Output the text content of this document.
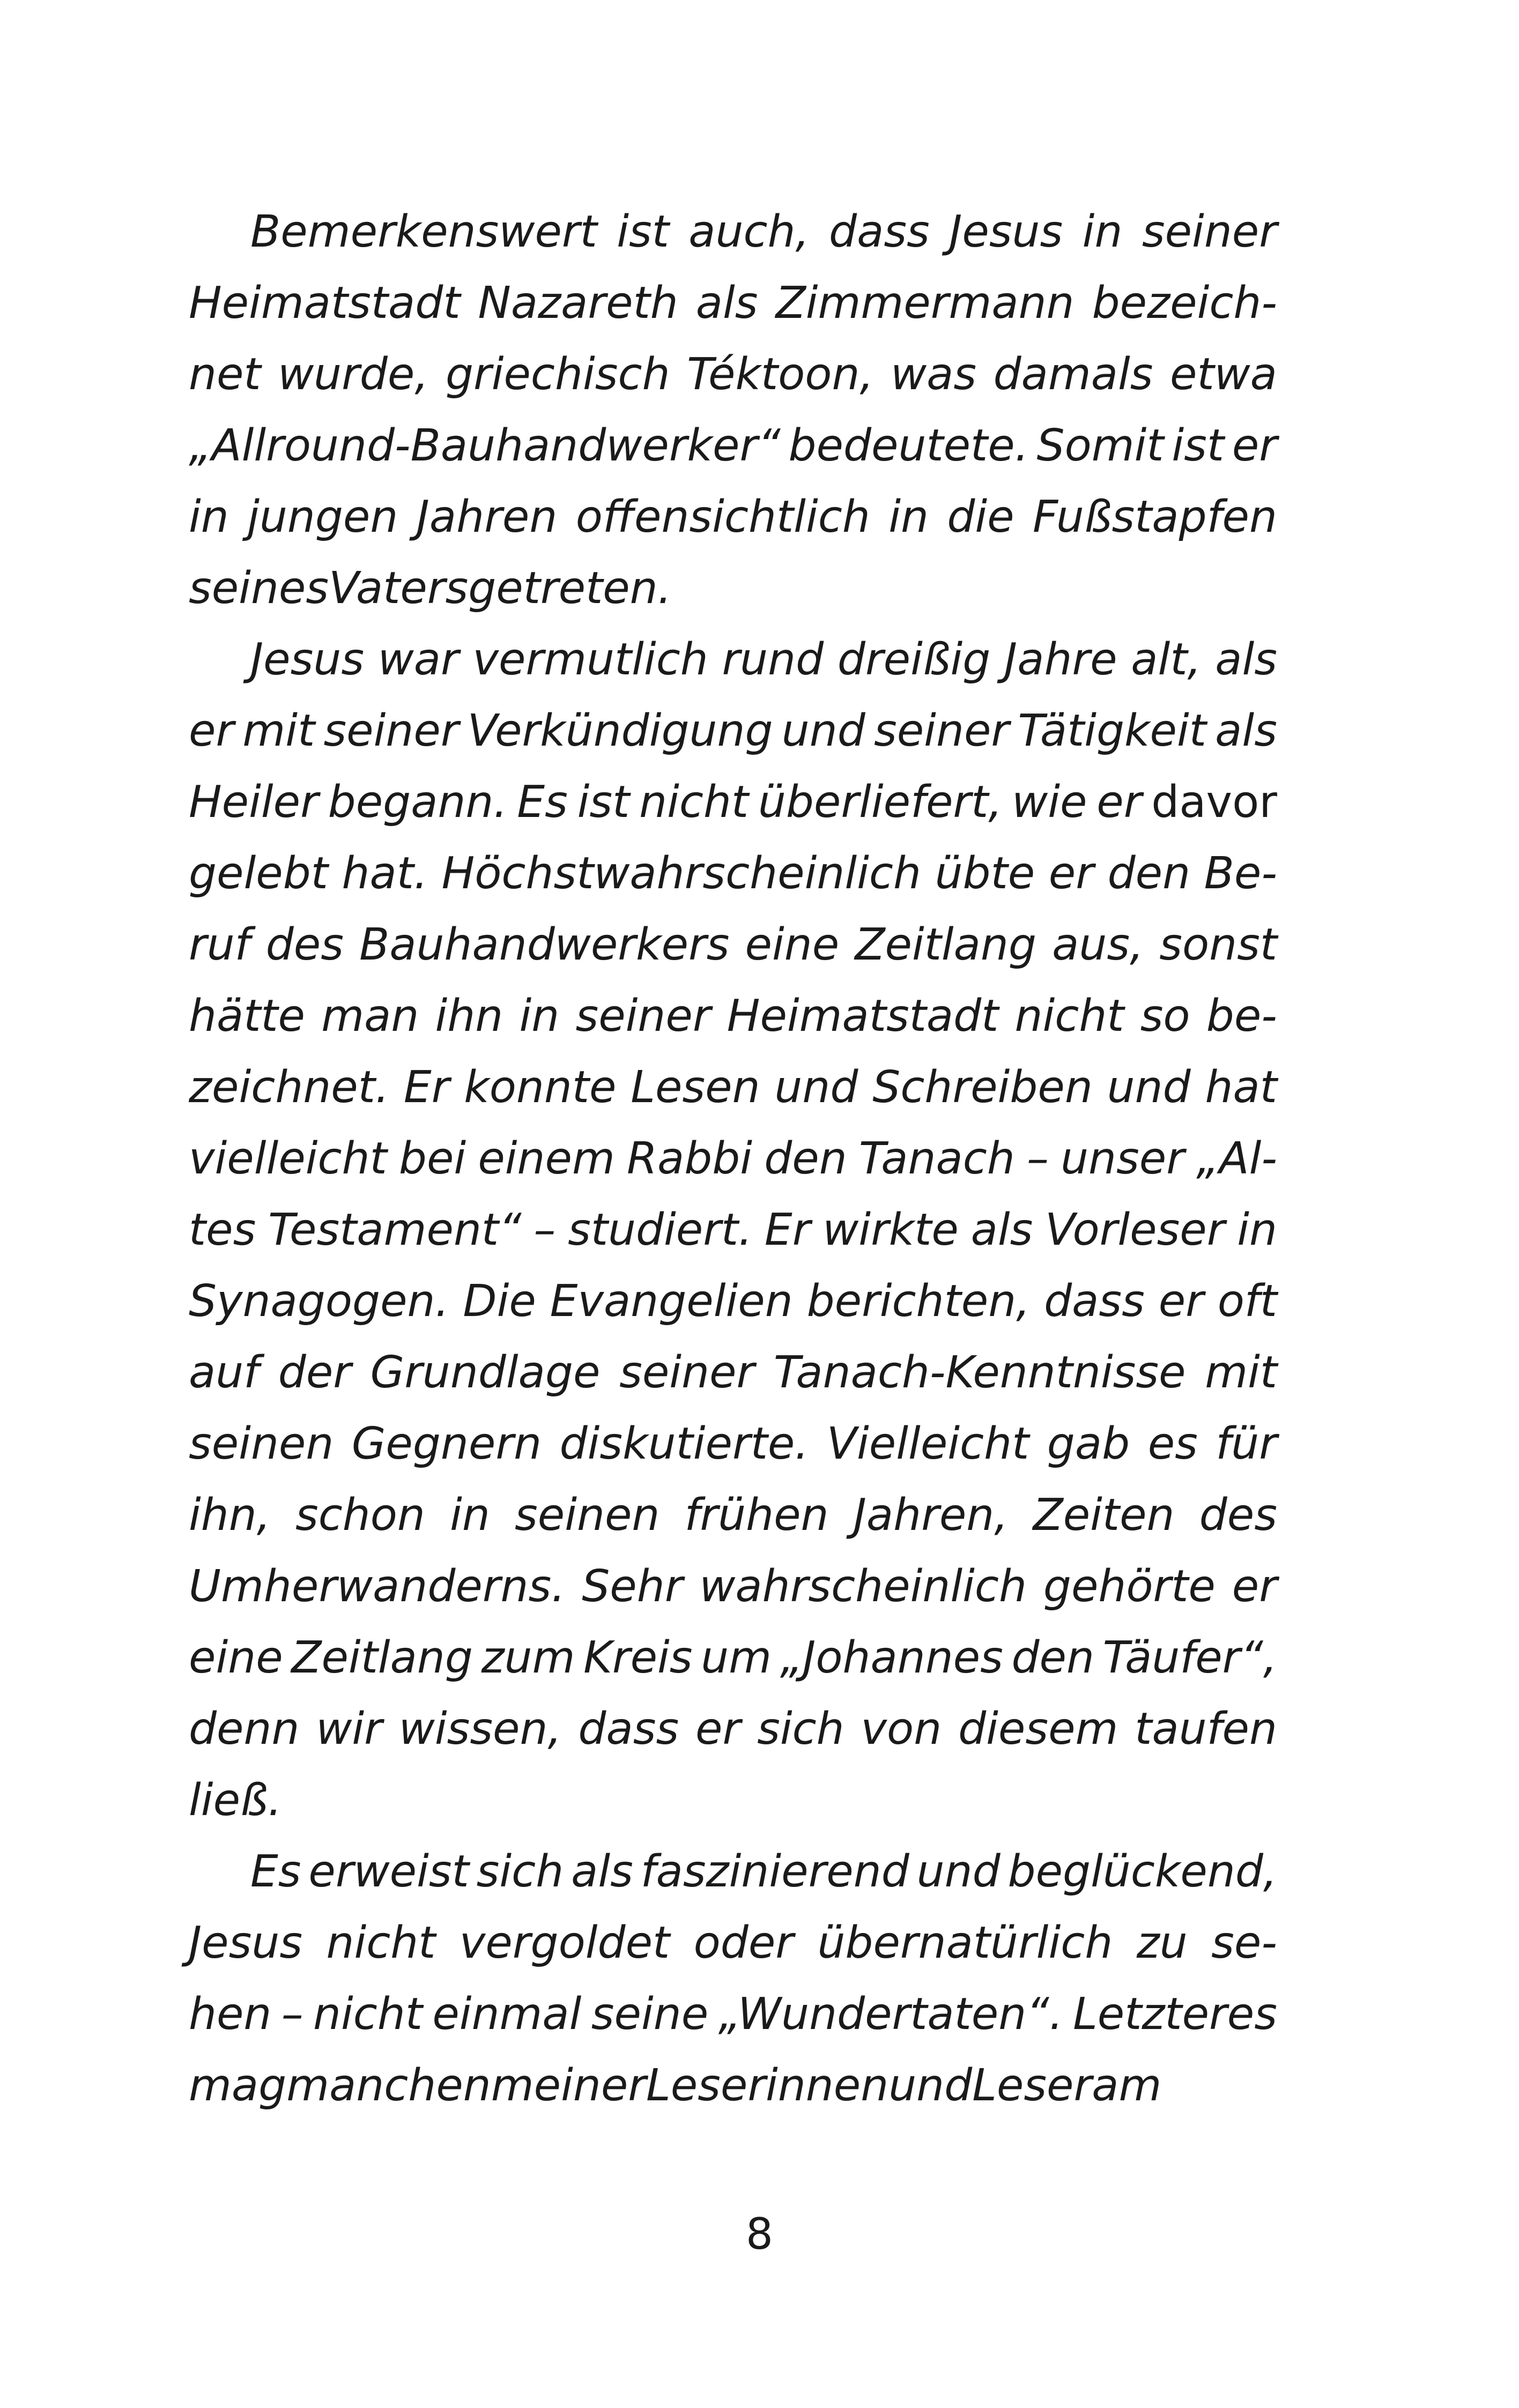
Bemerkenswert ist auch, dass Jesus in seiner
Heimatstadt Nazareth als Zimmermann bezeich-
net wurde, griechisch Téktoon, was damals etwa
„Allround-Bauhandwerker“ bedeutete. Somit ist er
in jungen Jahren offensichtlich in die Fußstapfen
seines Vaters getreten.
Jesus war vermutlich rund dreißig Jahre alt, als
er mit seiner Verkündigung und seiner Tätigkeit als
Heiler begann. Es ist nicht überliefert, wie er davor
gelebt hat. Höchstwahrscheinlich übte er den Be-
ruf des Bauhandwerkers eine Zeitlang aus, sonst
hätte man ihn in seiner Heimatstadt nicht so be-
zeichnet. Er konnte Lesen und Schreiben und hat
vielleicht bei einem Rabbi den Tanach – unser „Al-
tes Testament“ – studiert. Er wirkte als Vorleser in
Synagogen. Die Evangelien berichten, dass er oft
auf der Grundlage seiner Tanach-Kenntnisse mit
seinen Gegnern diskutierte. Vielleicht gab es für
ihn, schon in seinen frühen Jahren, Zeiten des
Umherwanderns. Sehr wahrscheinlich gehörte er
eine Zeitlang zum Kreis um „Johannes den Täufer“,
denn wir wissen, dass er sich von diesem taufen
ließ.
Es erweist sich als faszinierend und beglückend,
Jesus nicht vergoldet oder übernatürlich zu se-
hen – nicht einmal seine „Wundertaten“. Letzteres
mag manchen meiner Leserinnen und Leser am
8
